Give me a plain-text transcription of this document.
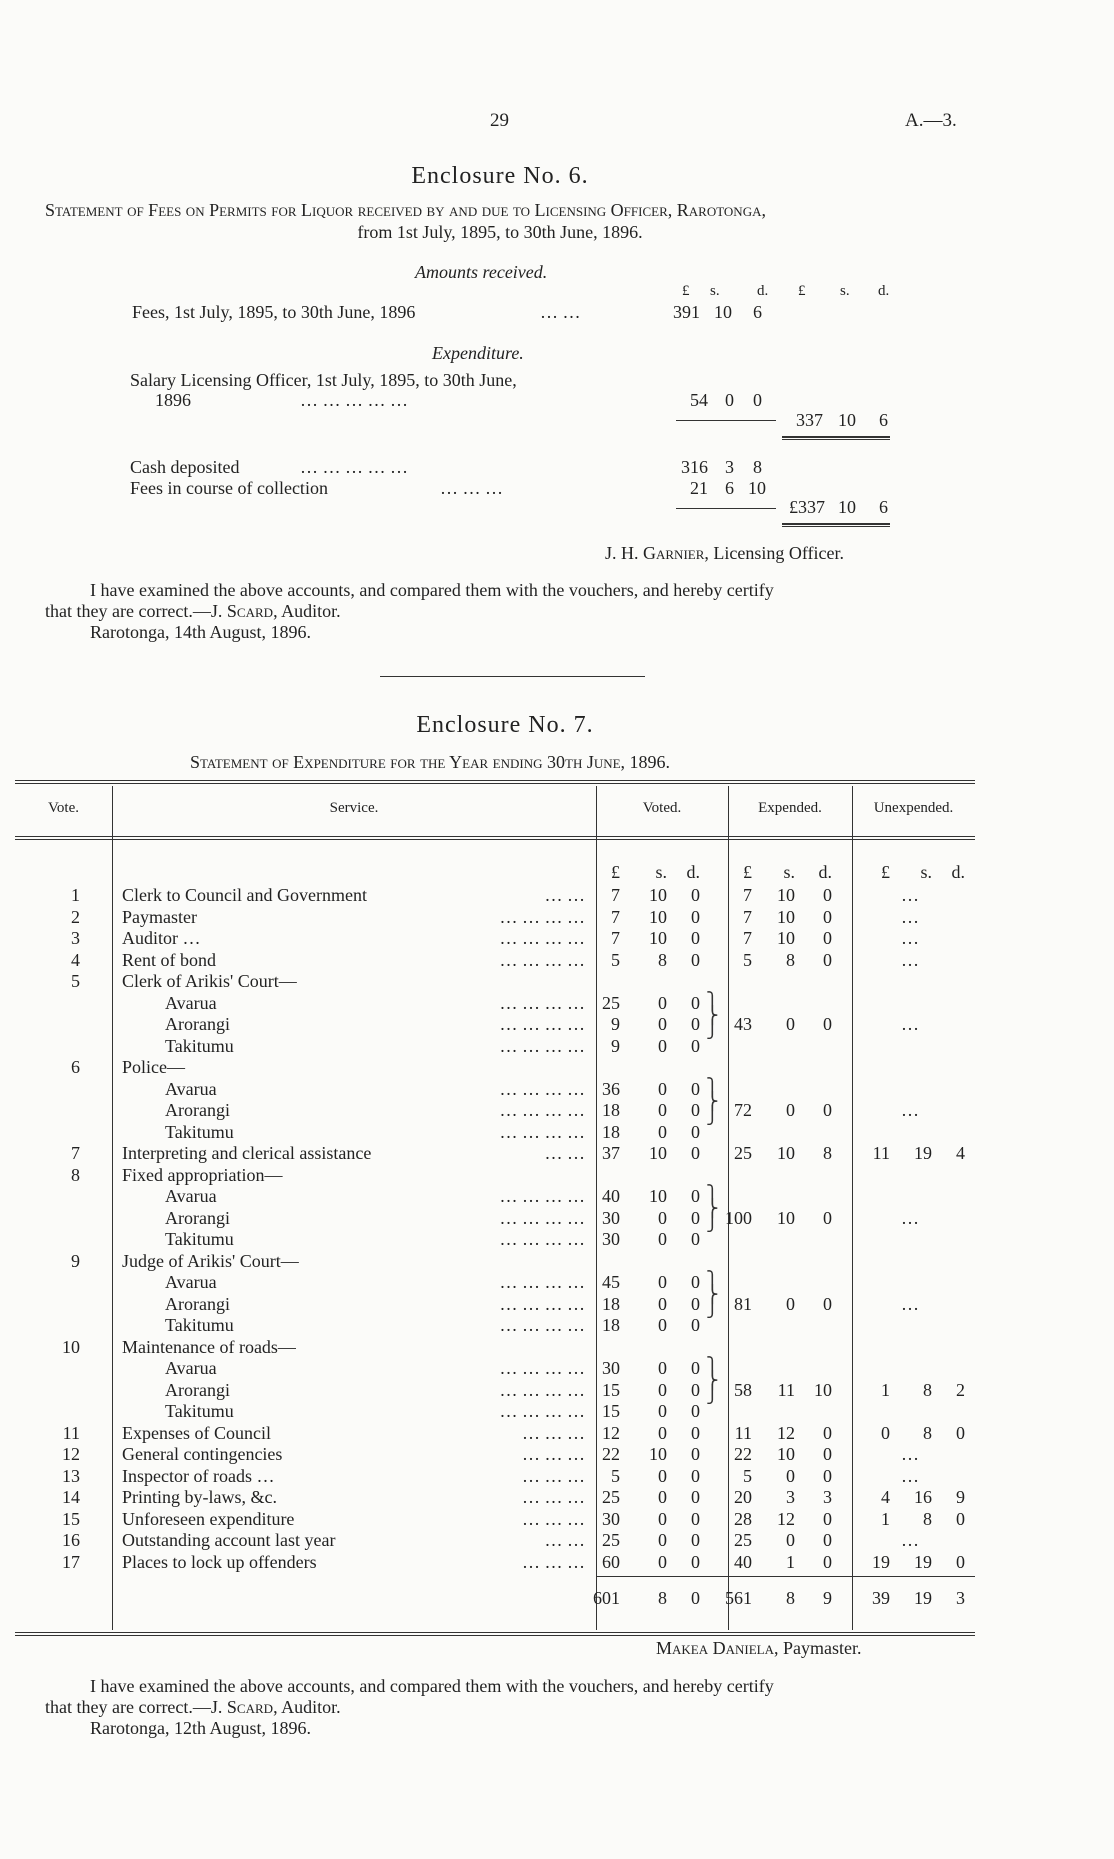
29	A.—3.
Enclosure No. 6.
Statement of Fees on Permits for Liquor received by and due to Licensing Officer, Rarotonga,
from 1st July, 1895, to 30th June, 1896.
Amounts received.
£ s. d. £ s. d.
Fees, 1st July, 1895, to 30th June, 1896	… …	391 10	6
Expenditure.
Salary Licensing Officer, 1st July, 1895, to 30th June,
1896	… … … … …	54 0	0
337 10	6
Cash deposited	… … … … …	316 3	8
Fees in course of collection	… … …	21 6 10
£337 10	6
J. H. Garnier, Licensing Officer.
I have examined the above accounts, and compared them with the vouchers, and hereby certify
that they are correct.—J. Scard, Auditor.
Rarotonga, 14th August, 1896.
Enclosure No. 7.
Statement of Expenditure for the Year ending 30th June, 1896.
Vote.	Service.	Voted.	Expended.	Unexpended.
£	s.	d.	£	s.	d.	£	s.	d.
1 Clerk to Council and Government	… …	7	10	0	7	10	0	…
2 Paymaster	… … … …	7	10	0	7	10	0	…
3 Auditor …	… … … …	7	10	0	7	10	0	…
4 Rent of bond	… … … …	5	8	0	5	8	0	…
5 Clerk of Arikis' Court—
Avarua	… … … … 25	0	0
Arorangi	… … … …	9	0	0	43	0	0	…
Takitumu	… … … …	9	0	0
6 Police—
Avarua	… … … … 36	0	0
Arorangi	… … … … 18	0	0	72	0	0	…
Takitumu	… … … … 18	0	0
7 Interpreting and clerical assistance	… … 37	10	0	25	10	8	11	19	4
8 Fixed appropriation—
Avarua	… … … … 40	10	0
Arorangi	… … … … 30	0	0	100	10	0	…
Takitumu	… … … … 30	0	0
9 Judge of Arikis' Court—
Avarua	… … … … 45	0	0
Arorangi	… … … … 18	0	0	81	0	0	…
Takitumu	… … … … 18	0	0
10 Maintenance of roads—
Avarua	… … … … 30	0	0
Arorangi	… … … … 15	0	0	58	11	10	1	8	2
Takitumu	… … … … 15	0	0
11 Expenses of Council	… … … 12	0	0	11	12	0	0	8	0
12 General contingencies	… … … 22	10	0	22	10	0	…
13 Inspector of roads …	… … …	5	0	0	5	0	0	…
14 Printing by-laws, &c.	… … … 25	0	0	20	3	3	4	16	9
15 Unforeseen expenditure	… … … 30	0	0	28	12	0	1	8	0
16 Outstanding account last year	… … 25	0	0	25	0	0	…
17 Places to lock up offenders	… … … 60	0	0	40	1	0	19	19	0
⎫
⎬
⎭
⎫
⎬
⎭
⎫
⎬
⎭
⎫
⎬
⎭
⎫
⎬
⎭
601	8	0	561	8	9	39	19	3
Makea Daniela, Paymaster.
I have examined the above accounts, and compared them with the vouchers, and hereby certify
that they are correct.—J. Scard, Auditor.
Rarotonga, 12th August, 1896.
